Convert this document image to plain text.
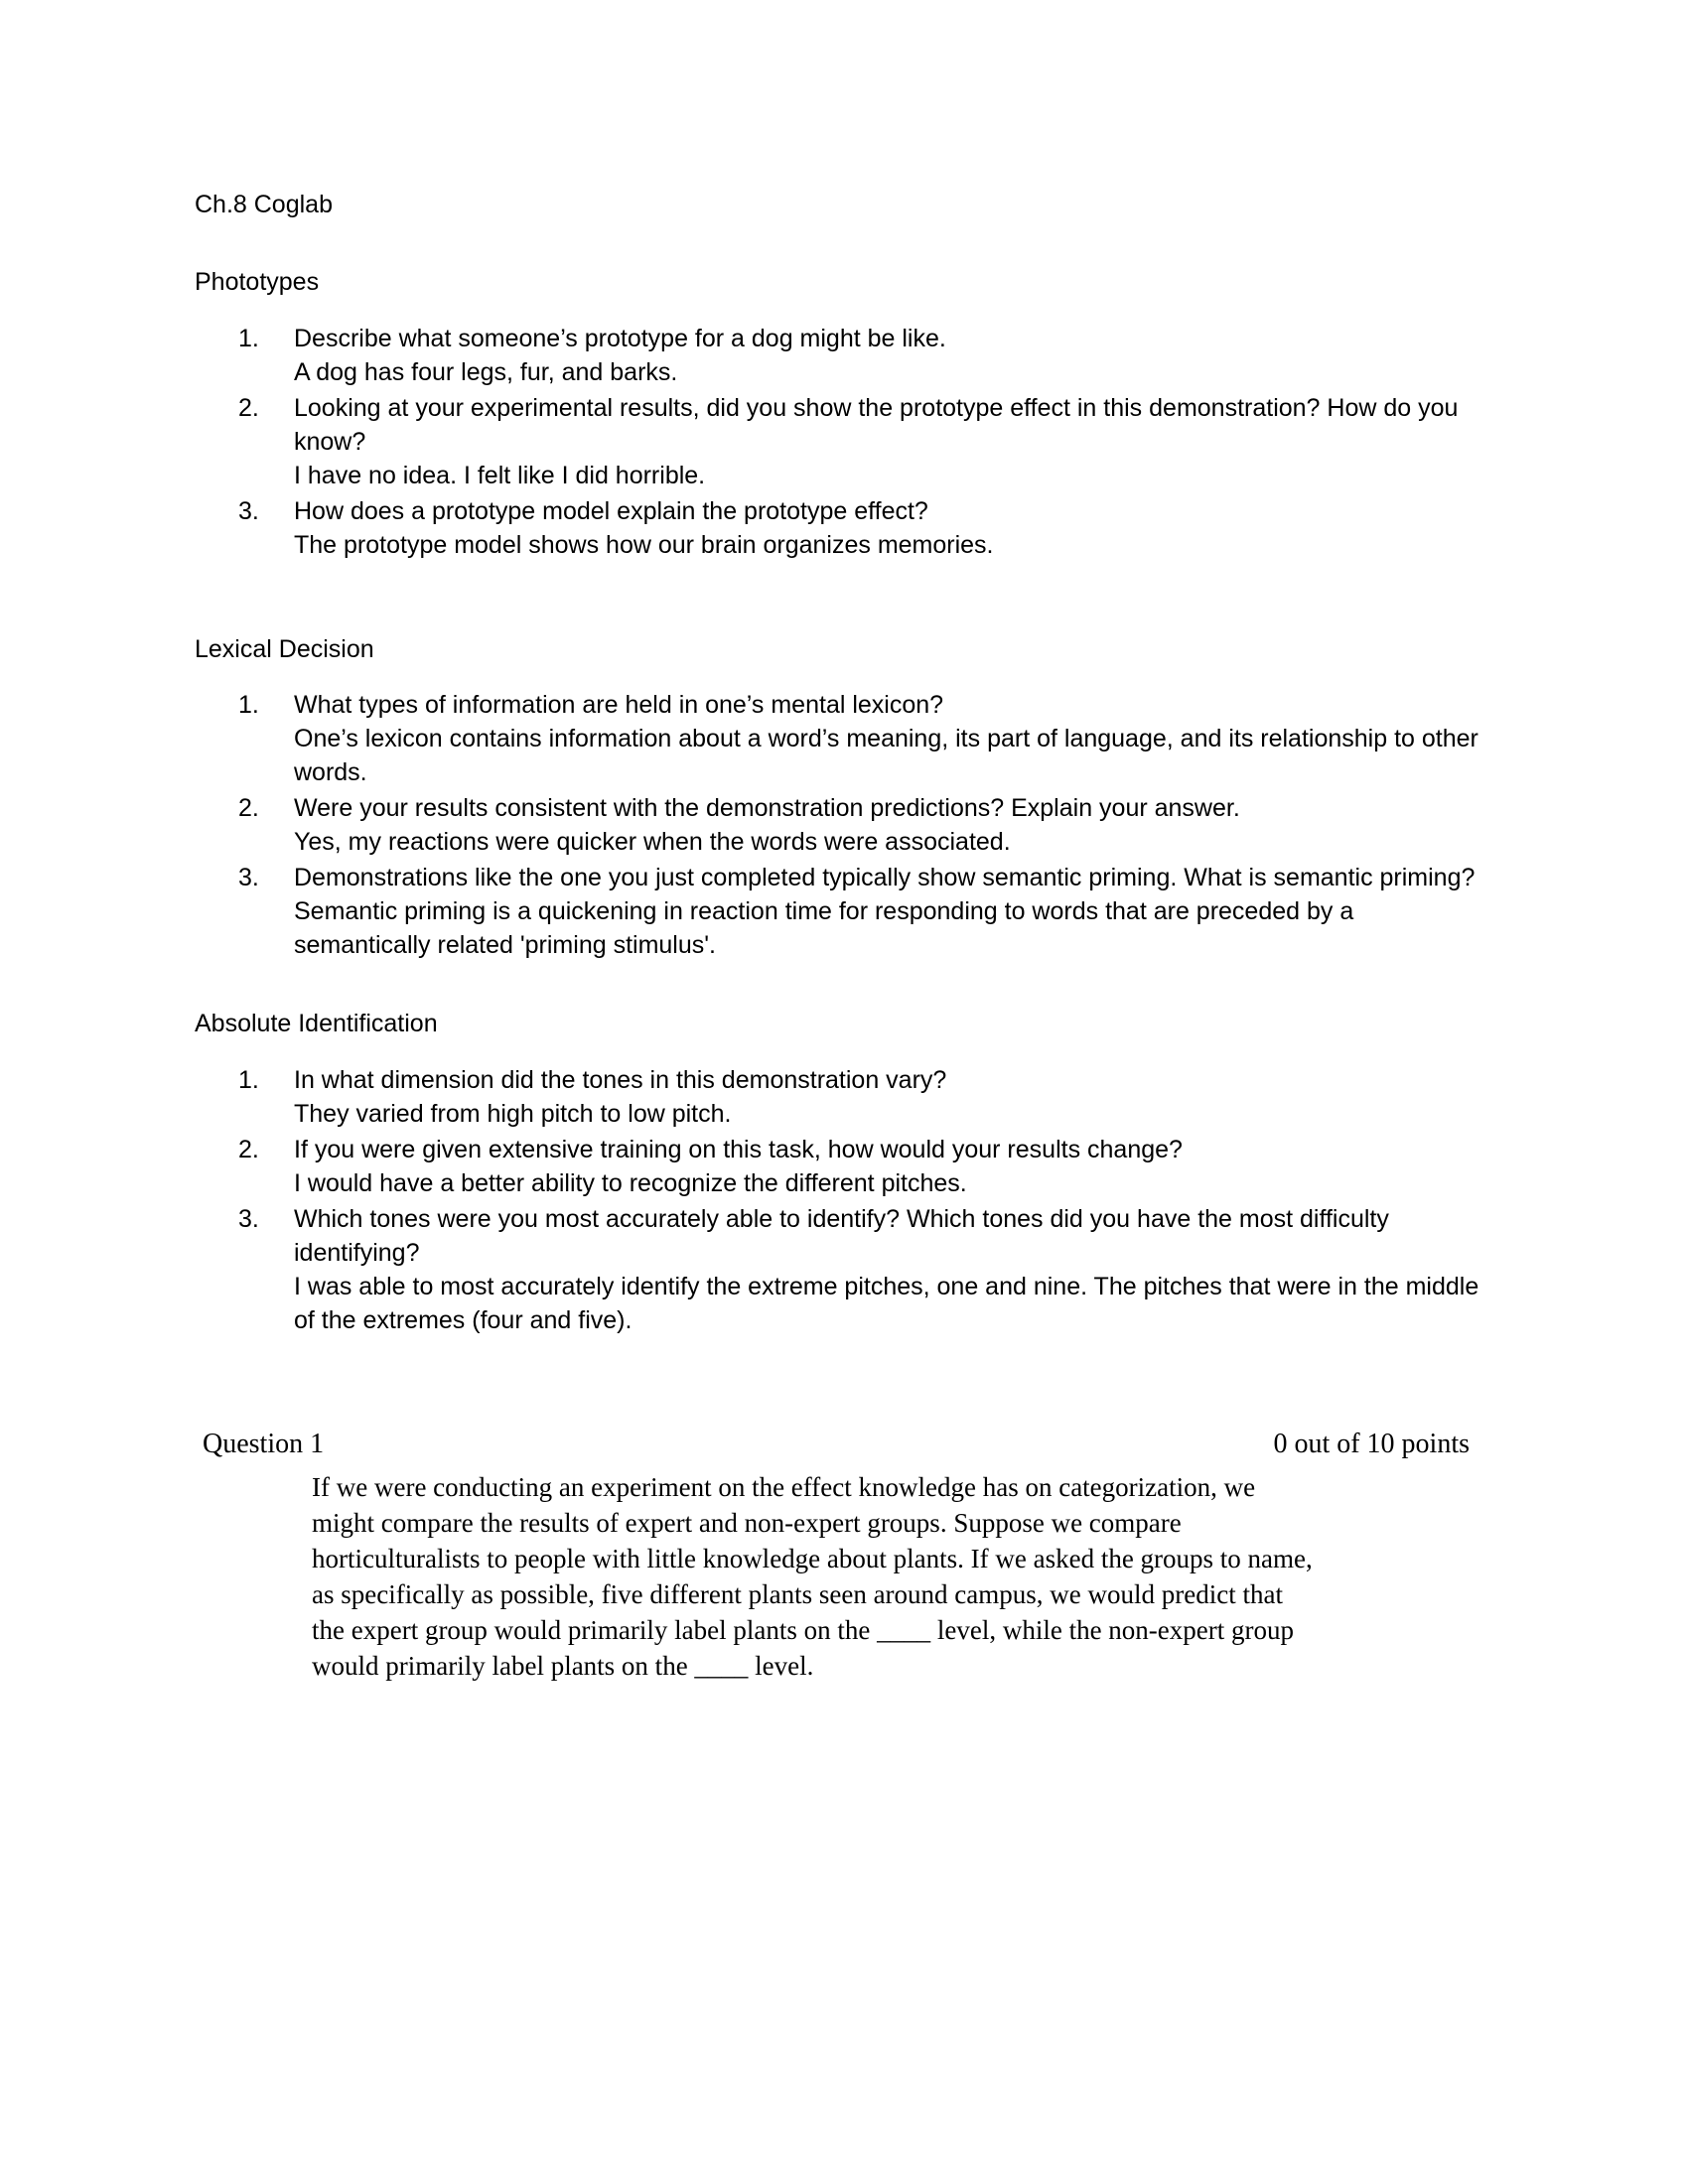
Ch.8 Coglab

Phototypes

1.	Describe what someone’s prototype for a dog might be like.
A dog has four legs, fur, and barks.
2.	Looking at your experimental results, did you show the prototype effect in this demonstration? How do you know?
I have no idea. I felt like I did horrible.
3.	How does a prototype model explain the prototype effect?
The prototype model shows how our brain organizes memories.

Lexical Decision

1.	What types of information are held in one’s mental lexicon?
One’s lexicon contains information about a word’s meaning, its part of language, and its relationship to other words.
2.	Were your results consistent with the demonstration predictions? Explain your answer.
Yes, my reactions were quicker when the words were associated.
3.	Demonstrations like the one you just completed typically show semantic priming. What is semantic priming?
Semantic priming is a quickening in reaction time for responding to words that are preceded by a semantically related 'priming stimulus'.

Absolute Identification

1.	In what dimension did the tones in this demonstration vary?
They varied from high pitch to low pitch.
2.	If you were given extensive training on this task, how would your results change?
I would have a better ability to recognize the different pitches.
3.	Which tones were you most accurately able to identify? Which tones did you have the most difficulty identifying?
I was able to most accurately identify the extreme pitches, one and nine. The pitches that were in the middle of the extremes (four and five).
Question 1	0 out of 10 points
If we were conducting an experiment on the effect knowledge has on categorization, we might compare the results of expert and non-expert groups. Suppose we compare horticulturalists to people with little knowledge about plants. If we asked the groups to name, as specifically as possible, five different plants seen around campus, we would predict that the expert group would primarily label plants on the ____ level, while the non-expert group would primarily label plants on the ____ level.
